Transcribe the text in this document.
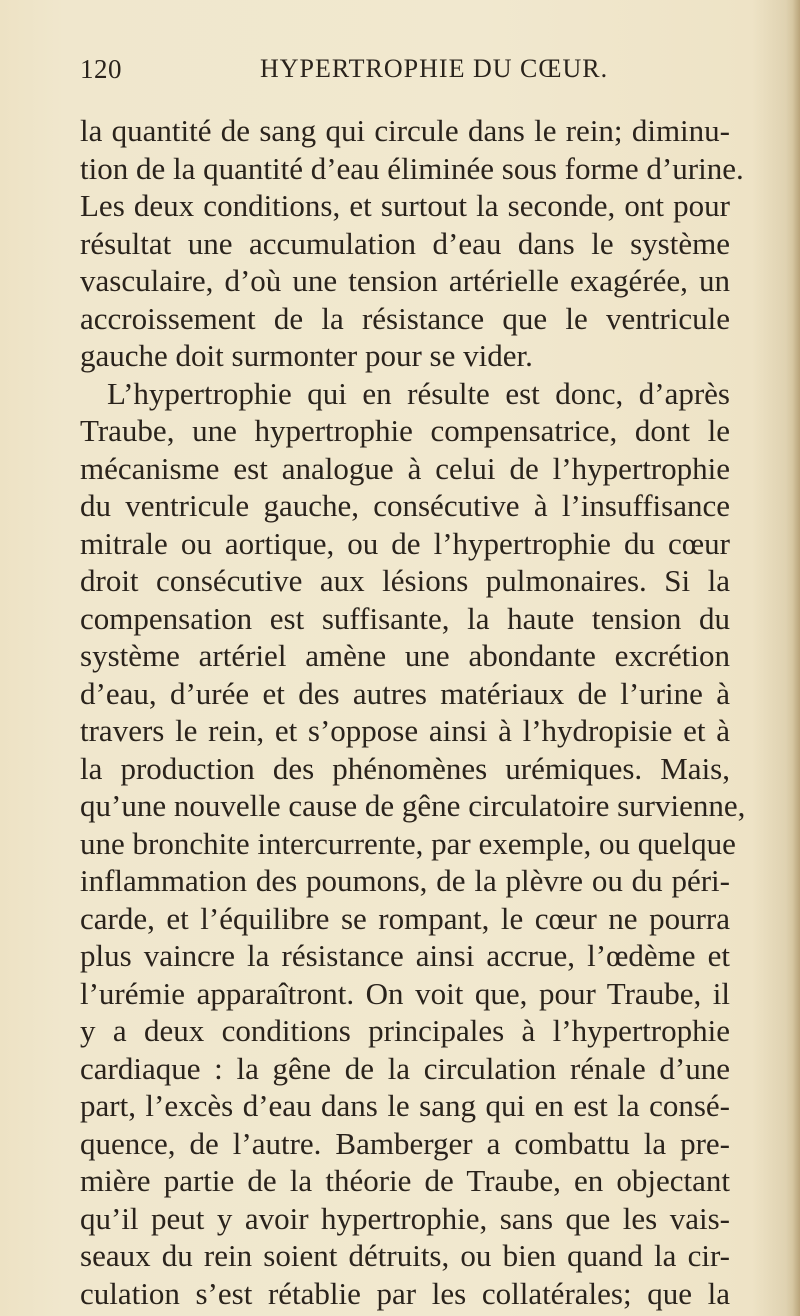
120	HYPERTROPHIE DU CŒUR.
la quantité de sang qui circule dans le rein; diminu-
tion de la quantité d’eau éliminée sous forme d’urine.
Les deux conditions, et surtout la seconde, ont pour
résultat une accumulation d’eau dans le système
vasculaire, d’où une tension artérielle exagérée, un
accroissement de la résistance que le ventricule
gauche doit surmonter pour se vider.
L’hypertrophie qui en résulte est donc, d’après
Traube, une hypertrophie compensatrice, dont le
mécanisme est analogue à celui de l’hypertrophie
du ventricule gauche, consécutive à l’insuffisance
mitrale ou aortique, ou de l’hypertrophie du cœur
droit consécutive aux lésions pulmonaires. Si la
compensation est suffisante, la haute tension du
système artériel amène une abondante excrétion
d’eau, d’urée et des autres matériaux de l’urine à
travers le rein, et s’oppose ainsi à l’hydropisie et à
la production des phénomènes urémiques. Mais,
qu’une nouvelle cause de gêne circulatoire survienne,
une bronchite intercurrente, par exemple, ou quelque
inflammation des poumons, de la plèvre ou du péri-
carde, et l’équilibre se rompant, le cœur ne pourra
plus vaincre la résistance ainsi accrue, l’œdème et
l’urémie apparaîtront. On voit que, pour Traube, il
y a deux conditions principales à l’hypertrophie
cardiaque : la gêne de la circulation rénale d’une
part, l’excès d’eau dans le sang qui en est la consé-
quence, de l’autre. Bamberger a combattu la pre-
mière partie de la théorie de Traube, en objectant
qu’il peut y avoir hypertrophie, sans que les vais-
seaux du rein soient détruits, ou bien quand la cir-
culation s’est rétablie par les collatérales; que la
